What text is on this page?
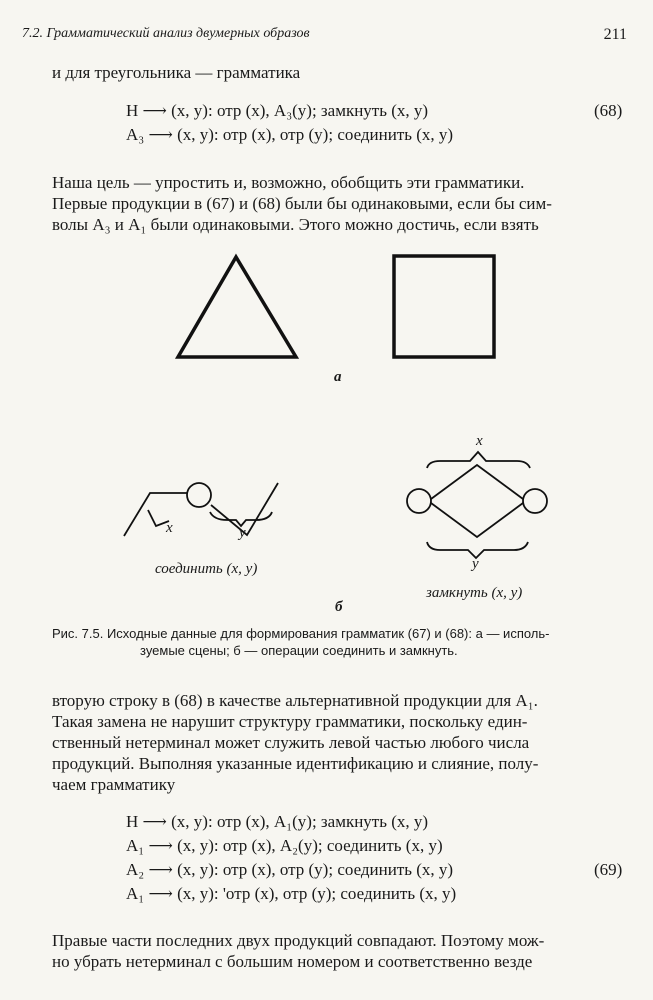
7.2. Грамматический анализ двумерных образов	211
и для треугольника — грамматика
H ⟶ (x, y): отр (x), A₃(y); замкнуть (x, y)
A₃ ⟶ (x, y): отр (x), отр (y); соединить (x, y)
(68)
Наша цель — упростить и, возможно, обобщить эти грамматики.
Первые продукции в (67) и (68) были бы одинаковыми, если бы сим-
волы A₃ и A₁ были одинаковыми. Этого можно достичь, если взять
а
x	y
x
y
соединить (x, y)
замкнуть (x, y)
б
Рис. 7.5. Исходные данные для формирования грамматик (67) и (68): а — исполь-
зуемые сцены; б — операции соединить и замкнуть.
вторую строку в (68) в качестве альтернативной продукции для A₁.
Такая замена не нарушит структуру грамматики, поскольку един-
ственный нетерминал может служить левой частью любого числа
продукций. Выполняя указанные идентификацию и слияние, полу-
чаем грамматику
H ⟶ (x, y): отр (x), A₁(y); замкнуть (x, y)
A₁ ⟶ (x, y): отр (x), A₂(y); соединить (x, y)
A₂ ⟶ (x, y): отр (x), отр (y); соединить (x, y)
A₁ ⟶ (x, y): 'отр (x), отр (y); соединить (x, y)
(69)
Правые части последних двух продукций совпадают. Поэтому мож-
но убрать нетерминал с большим номером и соответственно везде
